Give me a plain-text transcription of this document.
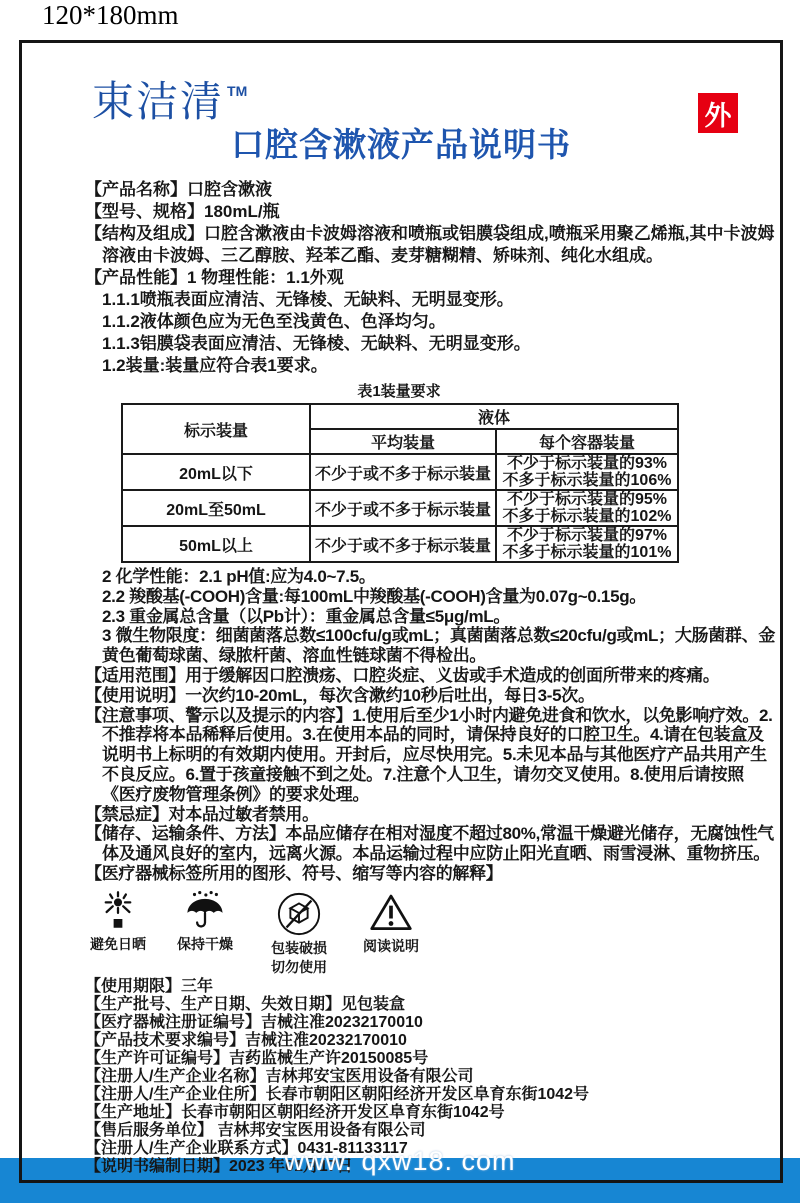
120*180mm
束洁清 ™
外
口腔含漱液产品说明书
【产品名称】口腔含漱液
【型号、规格】180mL/瓶
【结构及组成】口腔含漱液由卡波姆溶液和喷瓶或铝膜袋组成,喷瓶采用聚乙烯瓶,其中卡波姆溶液由卡波姆、三乙醇胺、羟苯乙酯、麦芽糖糊精、矫味剂、纯化水组成。
【产品性能】1 物理性能：1.1外观
1.1.1喷瓶表面应清洁、无锋棱、无缺料、无明显变形。
1.1.2液体颜色应为无色至浅黄色、色泽均匀。
1.1.3铝膜袋表面应清洁、无锋棱、无缺料、无明显变形。
1.2装量:装量应符合表1要求。
表1装量要求
标示装量	液体	
	平均装量	每个容器装量
20mL以下	不少于或不多于标示装量	不少于标示装量的93%
不多于标示装量的106%

20mL至50mL	不少于或不多于标示装量	不少于标示装量的95%
不多于标示装量的102%

50mL以上	不少于或不多于标示装量	不少于标示装量的97%
不多于标示装量的101%
2 化学性能：2.1 pH值:应为4.0~7.5。
2.2 羧酸基(-COOH)含量:每100mL中羧酸基(-COOH)含量为0.07g~0.15g。
2.3 重金属总含量（以Pb计）：重金属总含量≤5μg/mL。
3 微生物限度：细菌菌落总数≤100cfu/g或mL；真菌菌落总数≤20cfu/g或mL；大肠菌群、金黄色葡萄球菌、绿脓杆菌、溶血性链球菌不得检出。
【适用范围】用于缓解因口腔溃疡、口腔炎症、义齿或手术造成的创面所带来的疼痛。
【使用说明】一次约10-20mL，每次含漱约10秒后吐出，每日3-5次。
【注意事项、警示以及提示的内容】1.使用后至少1小时内避免进食和饮水，以免影响疗效。2.不推荐将本品稀释后使用。3.在使用本品的同时，请保持良好的口腔卫生。4.请在包装盒及说明书上标明的有效期内使用。开封后，应尽快用完。5.未见本品与其他医疗产品共用产生不良反应。6.置于孩童接触不到之处。7.注意个人卫生，请勿交叉使用。8.使用后请按照《医疗废物管理条例》的要求处理。
【禁忌症】对本品过敏者禁用。
【储存、运输条件、方法】本品应储存在相对湿度不超过80%,常温干燥避光储存，无腐蚀性气体及通风良好的室内，远离火源。本品运输过程中应防止阳光直晒、雨雪浸淋、重物挤压。
【医疗器械标签所用的图形、符号、缩写等内容的解释】
避免日晒 保持干燥	包装破损
切勿使用
阅读说明
【使用期限】三年
【生产批号、生产日期、失效日期】见包装盒
【医疗器械注册证编号】吉械注准20232170010
【产品技术要求编号】吉械注准20232170010
【生产许可证编号】吉药监械生产许20150085号
【注册人/生产企业名称】吉林邦安宝医用设备有限公司
【注册人/生产企业住所】长春市朝阳区朝阳经济开发区阜育东街1042号
【生产地址】长春市朝阳区朝阳经济开发区阜育东街1042号
【售后服务单位】 吉林邦安宝医用设备有限公司
【注册人/生产企业联系方式】0431-81133117
【说明书编制日期】2023 年01月17日
www. qxw18. com
